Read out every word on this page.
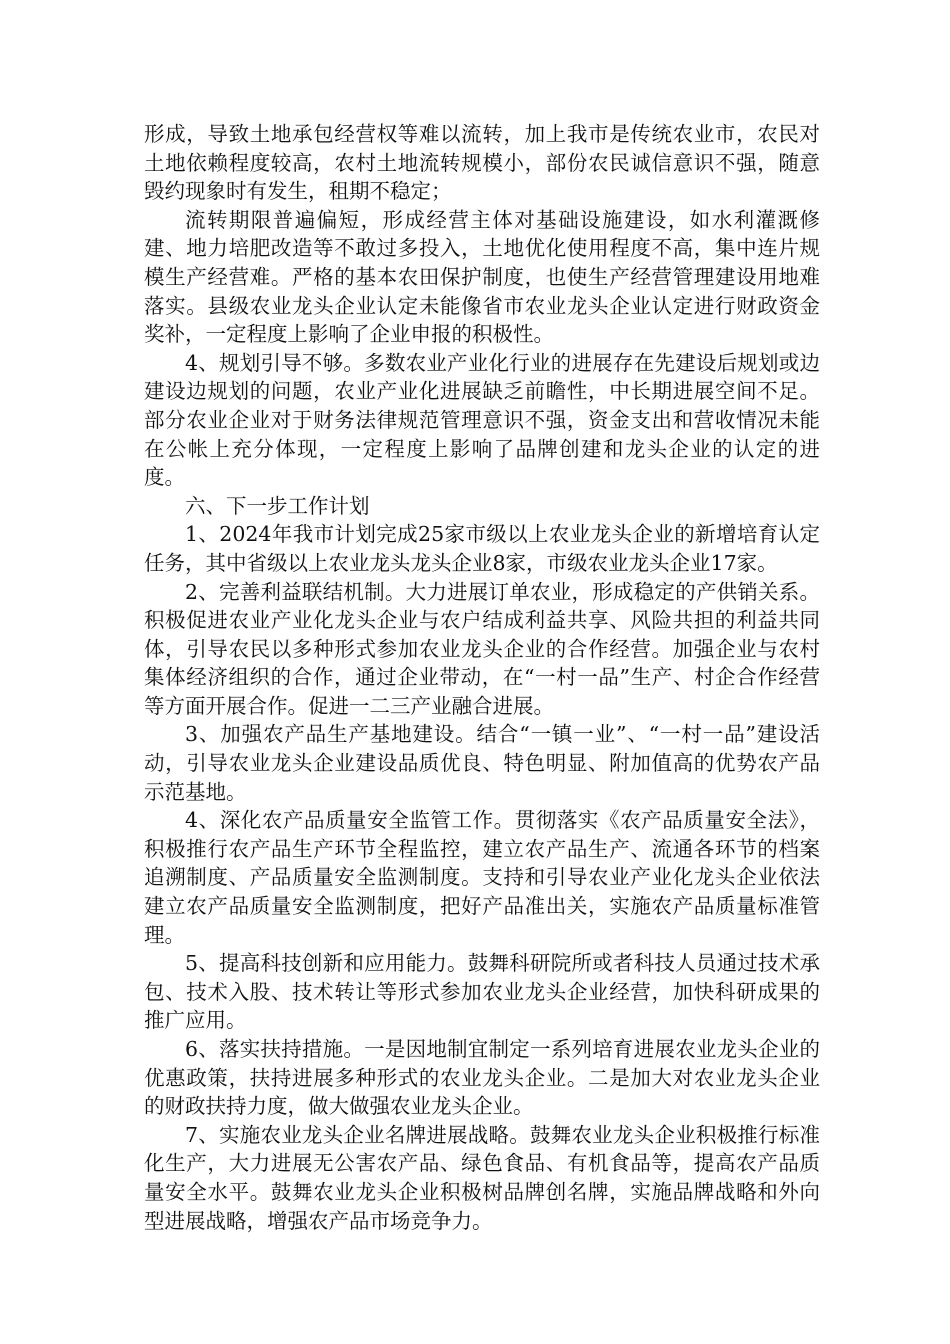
形成，导致土地承包经营权等难以流转，加上我市是传统农业市，农民对土地依赖程度较高，农村土地流转规模小，部份农民诚信意识不强，随意毁约现象时有发生，租期不稳定；

流转期限普遍偏短，形成经营主体对基础设施建设，如水利灌溉修建、地力培肥改造等不敢过多投入，土地优化使用程度不高，集中连片规模生产经营难。严格的基本农田保护制度，也使生产经营管理建设用地难落实。县级农业龙头企业认定未能像省市农业龙头企业认定进行财政资金奖补，一定程度上影响了企业申报的积极性。

4、规划引导不够。多数农业产业化行业的进展存在先建设后规划或边建设边规划的问题，农业产业化进展缺乏前瞻性，中长期进展空间不足。部分农业企业对于财务法律规范管理意识不强，资金支出和营收情况未能在公帐上充分体现，一定程度上影响了品牌创建和龙头企业的认定的进度。

六、下一步工作计划

1、2024年我市计划完成25家市级以上农业龙头企业的新增培育认定任务，其中省级以上农业龙头龙头企业8家，市级农业龙头企业17家。

2、完善利益联结机制。大力进展订单农业，形成稳定的产供销关系。积极促进农业产业化龙头企业与农户结成利益共享、风险共担的利益共同体，引导农民以多种形式参加农业龙头企业的合作经营。加强企业与农村集体经济组织的合作，通过企业带动，在“一村一品”生产、村企合作经营等方面开展合作。促进一二三产业融合进展。

3、加强农产品生产基地建设。结合“一镇一业”、“一村一品”建设活动，引导农业龙头企业建设品质优良、特色明显、附加值高的优势农产品示范基地。

4、深化农产品质量安全监管工作。贯彻落实《农产品质量安全法》，积极推行农产品生产环节全程监控，建立农产品生产、流通各环节的档案追溯制度、产品质量安全监测制度。支持和引导农业产业化龙头企业依法建立农产品质量安全监测制度，把好产品准出关，实施农产品质量标准管理。

5、提高科技创新和应用能力。鼓舞科研院所或者科技人员通过技术承包、技术入股、技术转让等形式参加农业龙头企业经营，加快科研成果的推广应用。

6、落实扶持措施。一是因地制宜制定一系列培育进展农业龙头企业的优惠政策，扶持进展多种形式的农业龙头企业。二是加大对农业龙头企业的财政扶持力度，做大做强农业龙头企业。

7、实施农业龙头企业名牌进展战略。鼓舞农业龙头企业积极推行标准化生产，大力进展无公害农产品、绿色食品、有机食品等，提高农产品质量安全水平。鼓舞农业龙头企业积极树品牌创名牌，实施品牌战略和外向型进展战略，增强农产品市场竞争力。
